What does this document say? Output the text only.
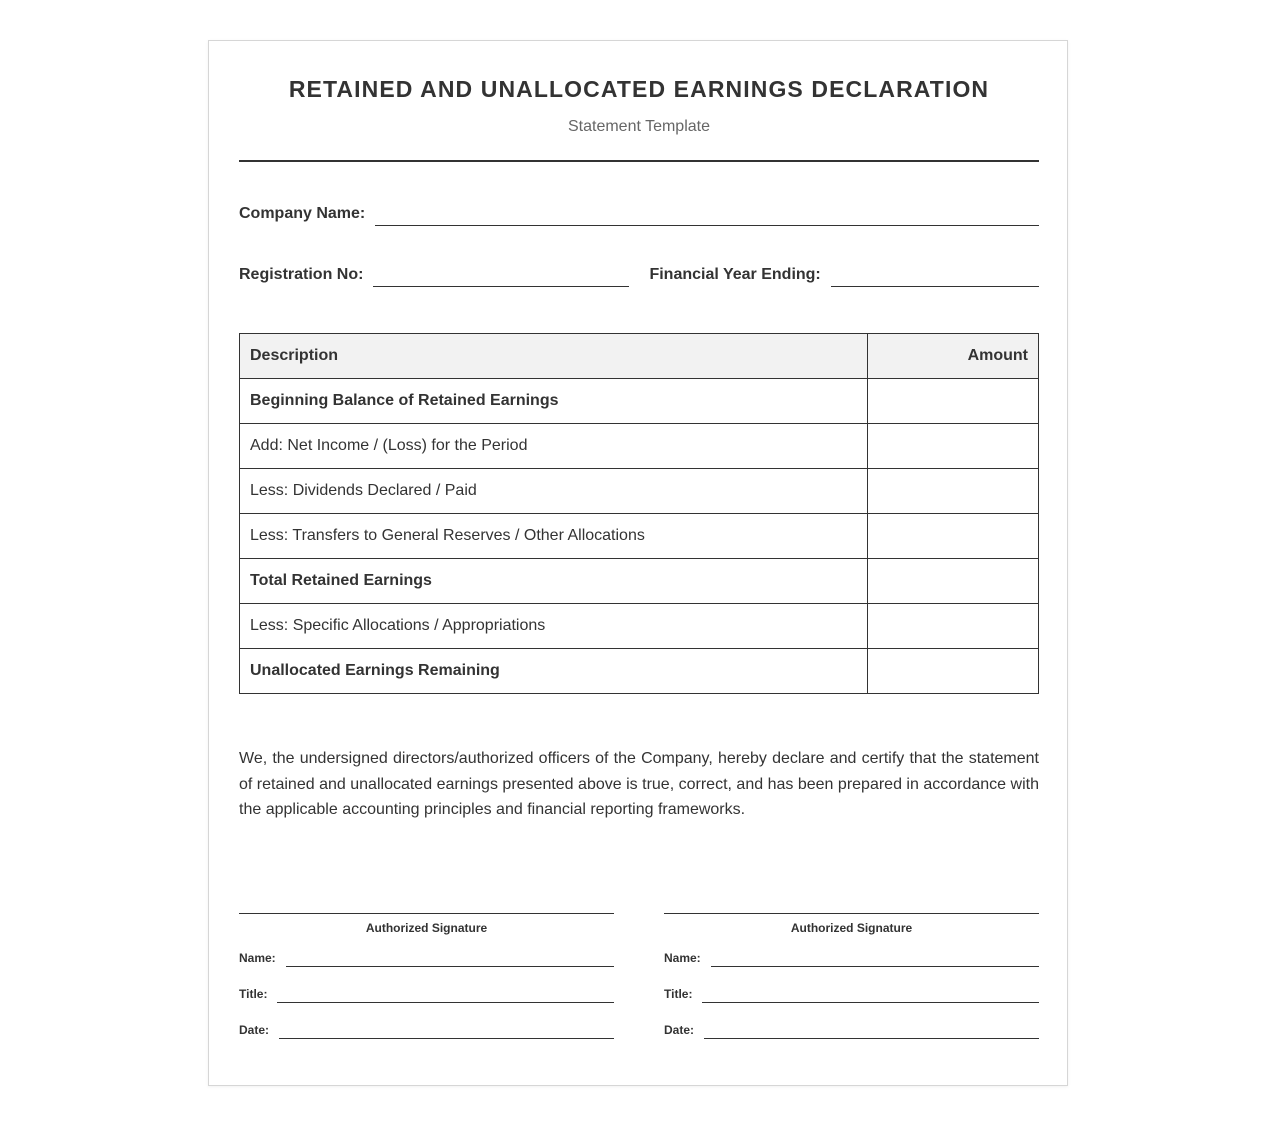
RETAINED AND UNALLOCATED EARNINGS DECLARATION
Statement Template
Company Name:
Registration No:	Financial Year Ending:
Description	Amount
Beginning Balance of Retained Earnings	
Add: Net Income / (Loss) for the Period	
Less: Dividends Declared / Paid	
Less: Transfers to General Reserves / Other Allocations	
Total Retained Earnings	
Less: Specific Allocations / Appropriations	
Unallocated Earnings Remaining	

We, the undersigned directors/authorized officers of the Company, hereby declare and certify that the statement of retained and unallocated earnings presented above is true, correct, and has been prepared in accordance with the applicable accounting principles and financial reporting frameworks.

Authorized Signature
Name:
Title:
Date:
Authorized Signature
Name:
Title:
Date:
